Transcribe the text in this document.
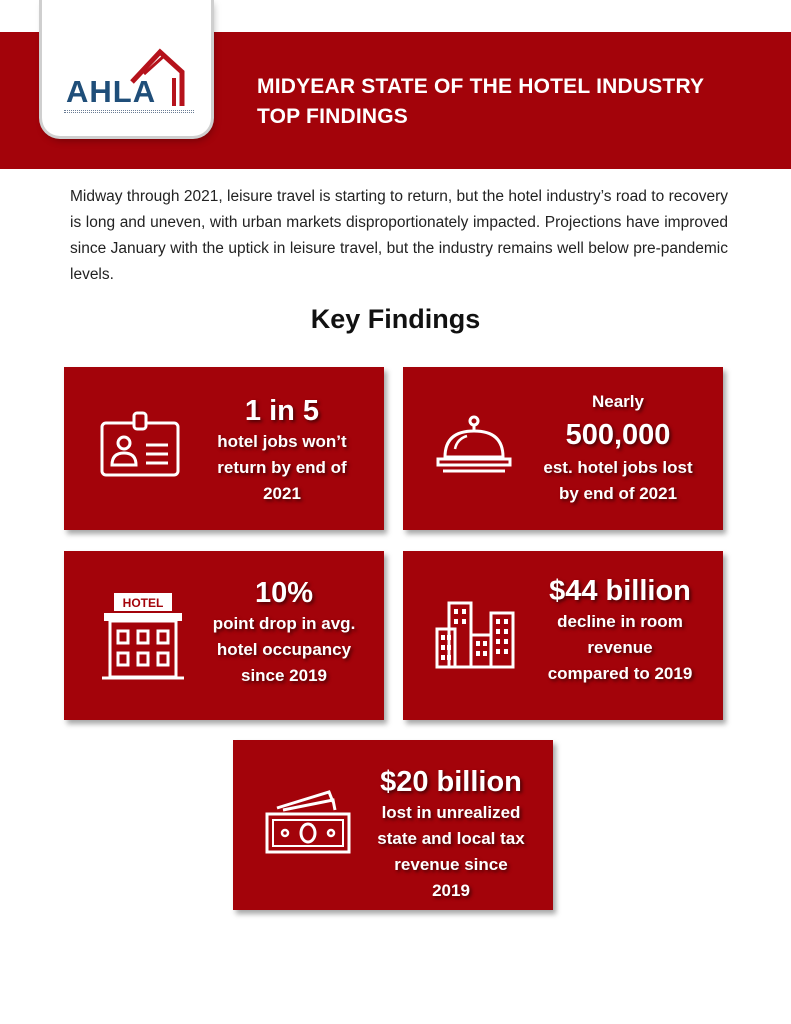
AHLA	MIDYEAR STATE OF THE HOTEL INDUSTRY
TOP FINDINGS

Midway through 2021, leisure travel is starting to return, but the hotel industry’s road to recovery is long and uneven, with urban markets disproportionately impacted. Projections have improved since January with the uptick in leisure travel, but the industry remains well below pre-pandemic levels.

Key Findings
1 in 5
hotel jobs won’t
return by end of
2021
Nearly
500,000
est. hotel jobs lost
by end of 2021
HOTEL	10%
point drop in avg.
hotel occupancy
since 2019
$44 billion
decline in room
revenue
compared to 2019
$20 billion
lost in unrealized
state and local tax
revenue since
2019
